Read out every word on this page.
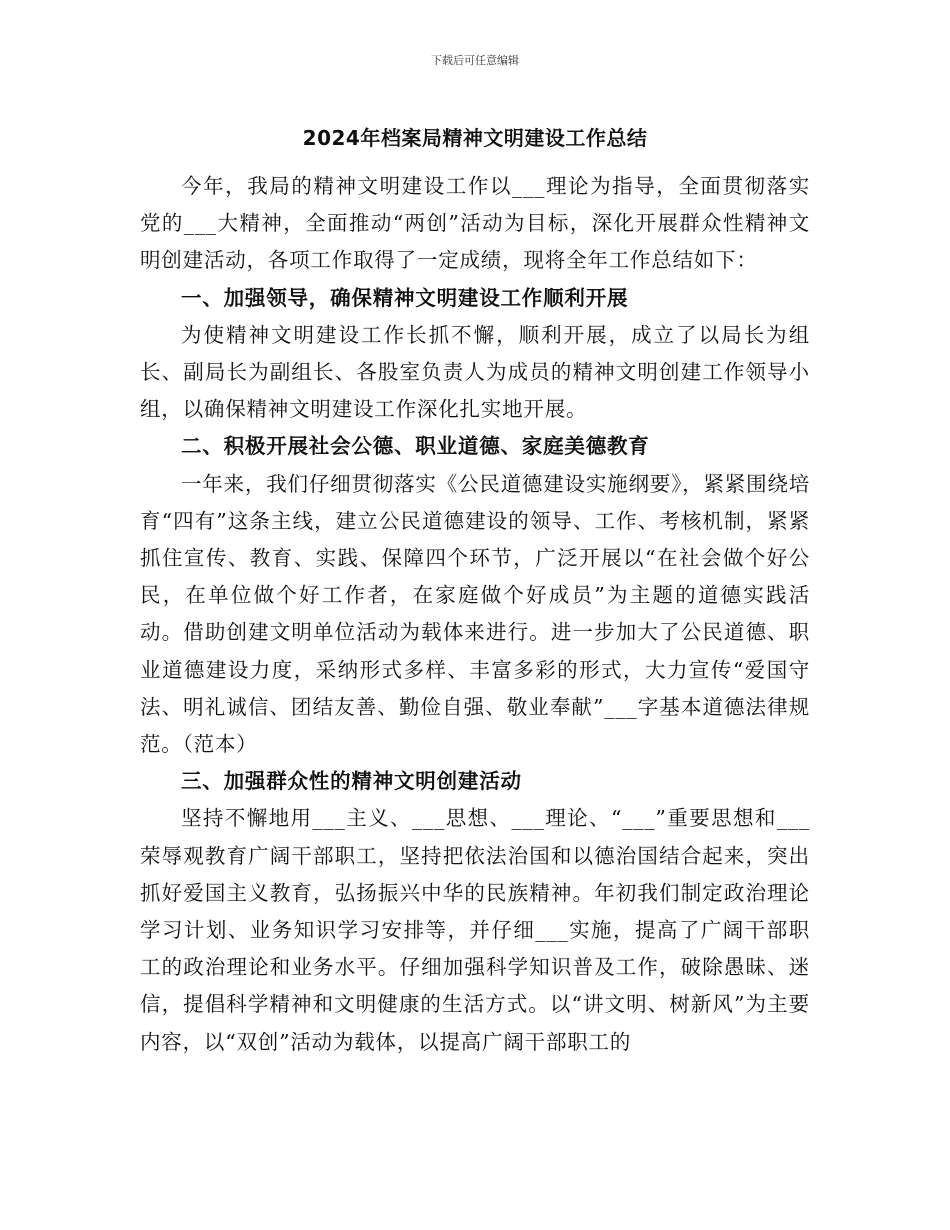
下载后可任意编辑
2024年档案局精神文明建设工作总结

今年，我局的精神文明建设工作以___理论为指导，全面贯彻落实党的___大精神，全面推动“两创”活动为目标，深化开展群众性精神文明创建活动，各项工作取得了一定成绩，现将全年工作总结如下：

一、加强领导，确保精神文明建设工作顺利开展

为使精神文明建设工作长抓不懈，顺利开展，成立了以局长为组长、副局长为副组长、各股室负责人为成员的精神文明创建工作领导小组，以确保精神文明建设工作深化扎实地开展。

二、积极开展社会公德、职业道德、家庭美德教育

一年来，我们仔细贯彻落实《公民道德建设实施纲要》，紧紧围绕培育“四有”这条主线，建立公民道德建设的领导、工作、考核机制，紧紧抓住宣传、教育、实践、保障四个环节，广泛开展以“在社会做个好公民，在单位做个好工作者，在家庭做个好成员”为主题的道德实践活动。借助创建文明单位活动为载体来进行。进一步加大了公民道德、职业道德建设力度，采纳形式多样、丰富多彩的形式，大力宣传“爱国守法、明礼诚信、团结友善、勤俭自强、敬业奉献”___字基本道德法律规范。（范本）

三、加强群众性的精神文明创建活动

坚持不懈地用___主义、___思想、___理论、“___”重要思想和___荣辱观教育广阔干部职工，坚持把依法治国和以德治国结合起来，突出抓好爱国主义教育，弘扬振兴中华的民族精神。年初我们制定政治理论学习计划、业务知识学习安排等，并仔细___实施，提高了广阔干部职工的政治理论和业务水平。仔细加强科学知识普及工作，破除愚昧、迷信，提倡科学精神和文明健康的生活方式。以“讲文明、树新风”为主要内容，以“双创”活动为载体，以提高广阔干部职工的
